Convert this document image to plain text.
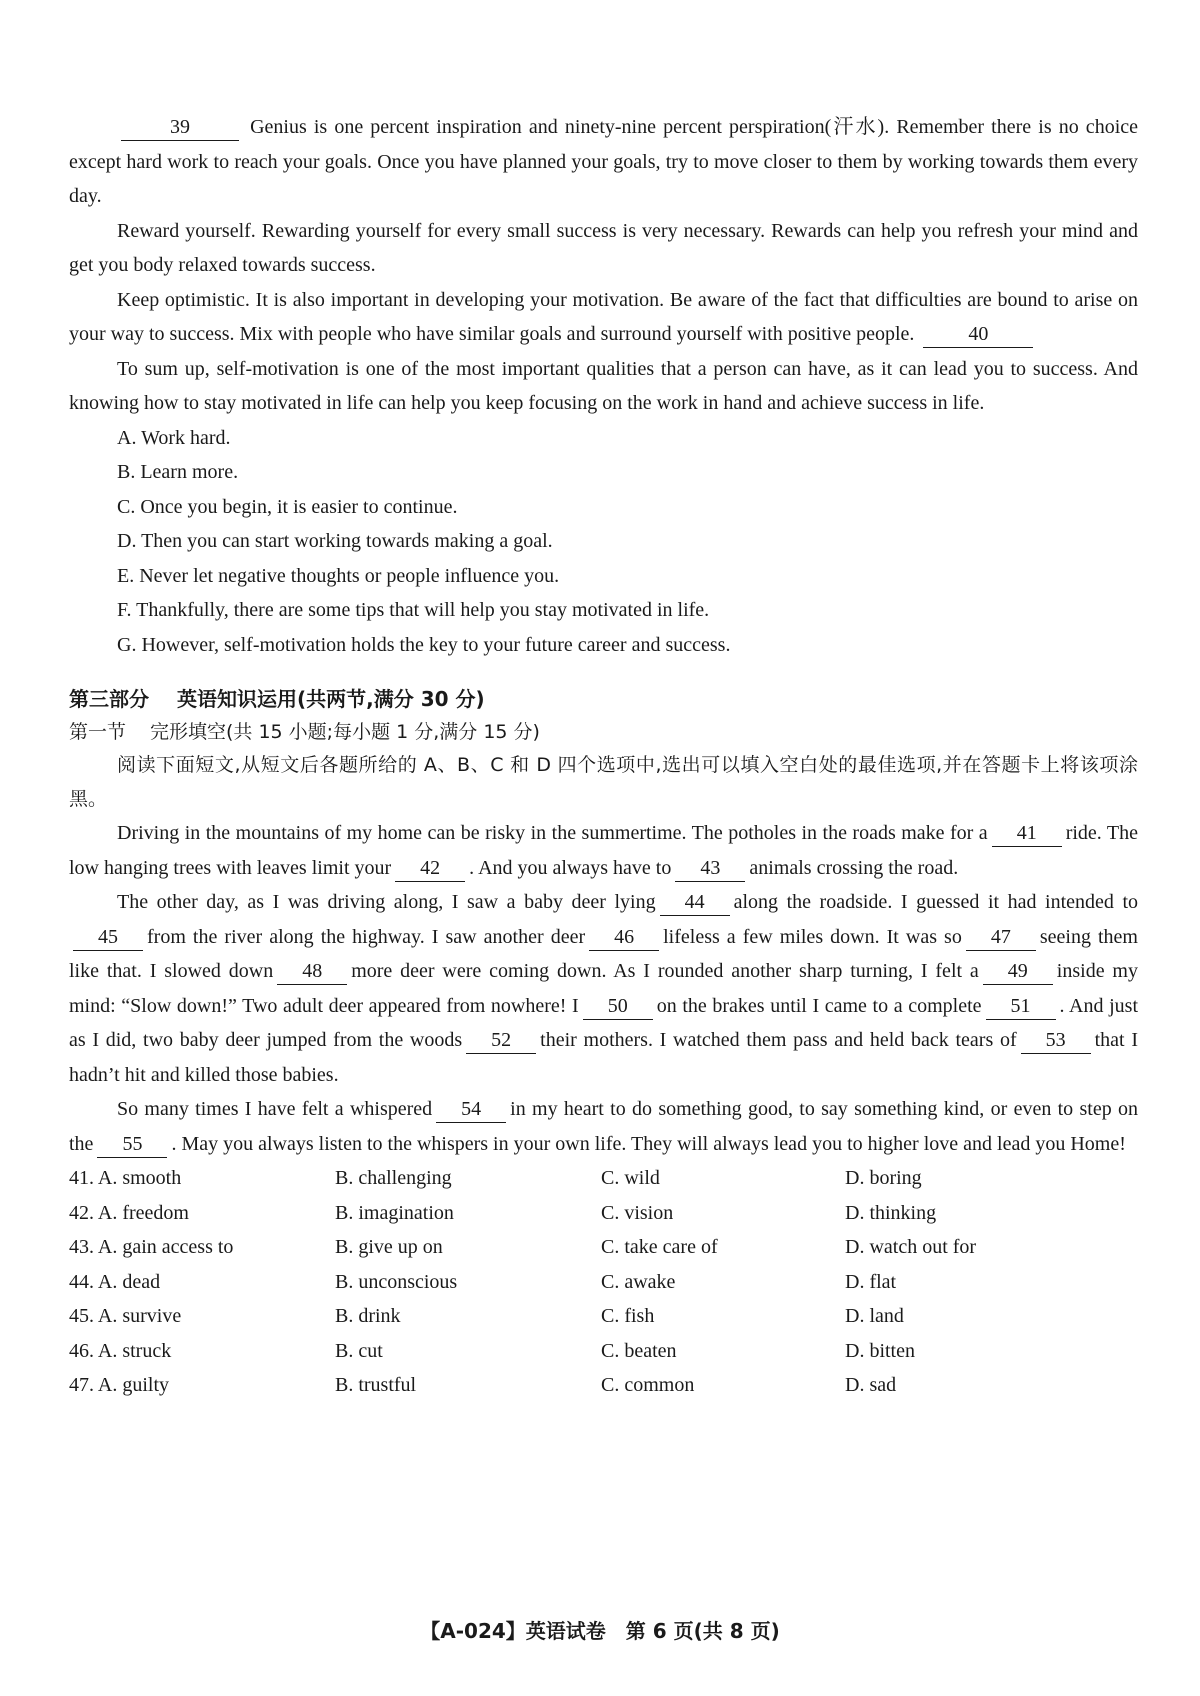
39	Genius is one percent inspiration and ninety-nine percent perspiration(汗水). Remember there is no choice except hard work to reach your goals. Once you have planned your goals, try to move closer to them by working towards them every day.

Reward yourself. Rewarding yourself for every small success is very necessary. Rewards can help you refresh your mind and get you body relaxed towards success.

Keep optimistic. It is also important in developing your motivation. Be aware of the fact that difficulties are bound to arise on your way to success. Mix with people who have similar goals and surround yourself with positive people.	40

To sum up, self-motivation is one of the most important qualities that a person can have, as it can lead you to success. And knowing how to stay motivated in life can help you keep focusing on the work in hand and achieve success in life.

A. Work hard.
B. Learn more.
C. Once you begin, it is easier to continue.
D. Then you can start working towards making a goal.
E. Never let negative thoughts or people influence you.
F. Thankfully, there are some tips that will help you stay motivated in life.
G. However, self-motivation holds the key to your future career and success.
第三部分 英语知识运用(共两节,满分 30 分)
第一节 完形填空(共 15 小题;每小题 1 分,满分 15 分)

阅读下面短文,从短文后各题所给的 A、B、C 和 D 四个选项中,选出可以填入空白处的最佳选项,并在答题卡上将该项涂黑。

Driving in the mountains of my home can be risky in the summertime. The potholes in the roads make for a 41 ride. The low hanging trees with leaves limit your 42 . And you always have to 43 animals crossing the road.

The other day, as I was driving along, I saw a baby deer lying 44 along the roadside. I guessed it had intended to45 from the river along the highway. I saw another deer 46 lifeless a few miles down. It was so 47 seeing them like that. I slowed down 48 more deer were coming down. As I rounded another sharp turning, I felt a 49 inside my mind: “Slow down!” Two adult deer appeared from nowhere! I 50 on the brakes until I came to a complete 51 . And just as I did, two baby deer jumped from the woods 52 their mothers. I watched them pass and held back tears of 53 that I hadn’t hit and killed those babies.

So many times I have felt a whispered 54 in my heart to do something good, to say something kind, or even to step on the 55 . May you always listen to the whispers in your own life. They will always lead you to higher love and lead you Home!

41. A. smooth	B. challenging	C. wild	D. boring
42. A. freedom	B. imagination	C. vision	D. thinking
43. A. gain access to	B. give up on	C. take care of	D. watch out for
44. A. dead	B. unconscious	C. awake	D. flat
45. A. survive	B. drink	C. fish	D. land
46. A. struck	B. cut	C. beaten	D. bitten
47. A. guilty	B. trustful	C. common	D. sad
【A-024】英语试卷　第 6 页(共 8 页)
